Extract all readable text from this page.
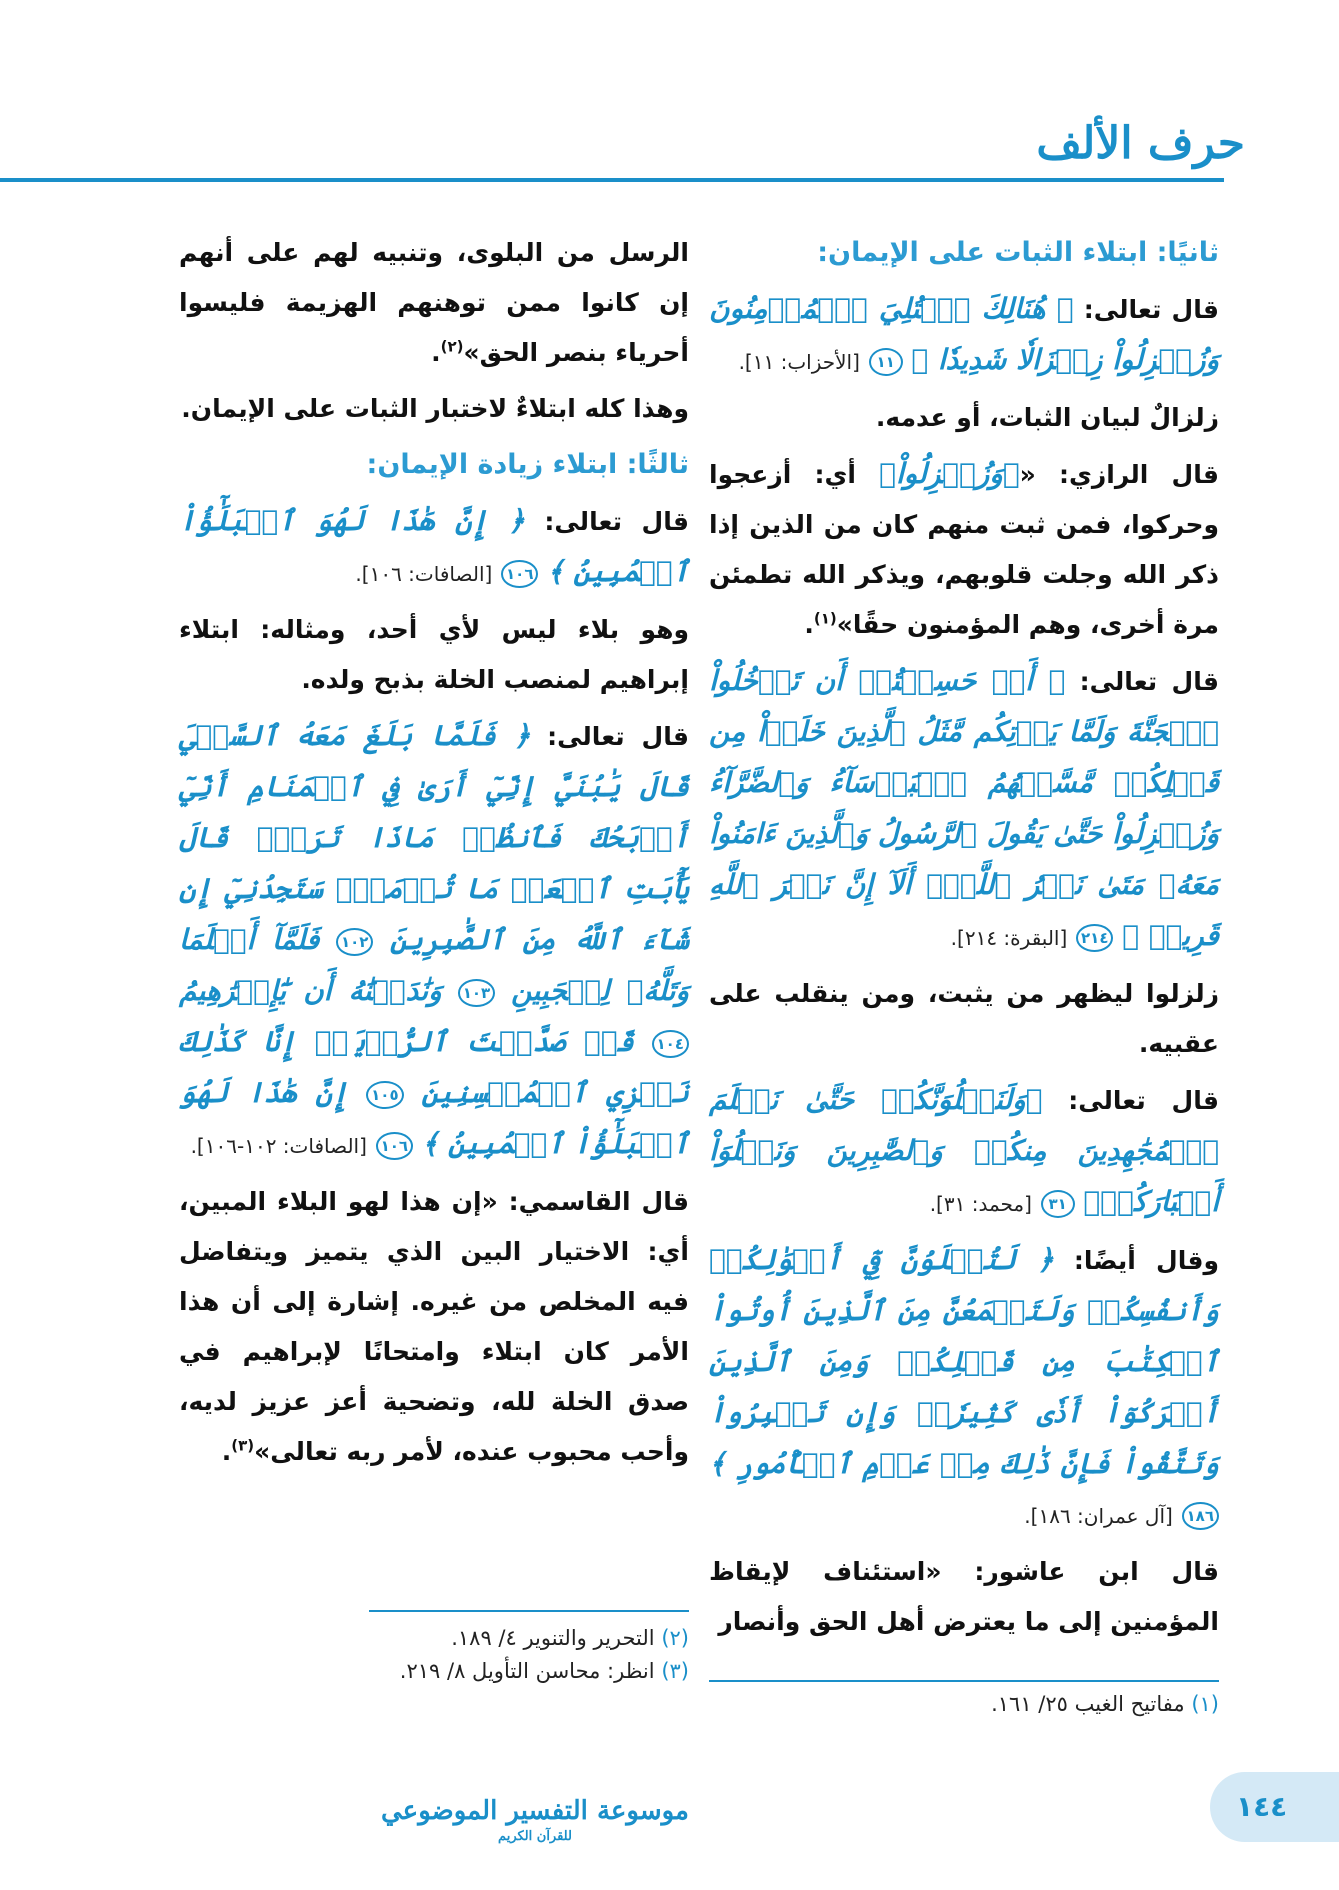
حرف الألف

ثانيًا: ابتلاء الثبات على الإيمان:

قال تعالى: ﴿ هُنَالِكَ ٱبۡتُلِيَ ٱلۡمُؤۡمِنُونَ وَزُلۡزِلُواْ زِلۡزَالٗا شَدِيدٗا ﴾ ١١ [الأحزاب: ١١].

زلزالٌ لبيان الثبات، أو عدمه.

قال الرازي: «﴿وَزُلۡزِلُواْ﴾ أي: أزعجوا وحركوا، فمن ثبت منهم كان من الذين إذا ذكر الله وجلت قلوبهم، ويذكر الله تطمئن مرة أخرى، وهم المؤمنون حقًا»$^{(١)}$.

قال تعالى: ﴿ أَمۡ حَسِبۡتُمۡ أَن تَدۡخُلُواْ ٱلۡجَنَّةَ وَلَمَّا يَأۡتِكُم مَّثَلُ ٱلَّذِينَ خَلَوۡاْ مِن قَبۡلِكُمۖ مَّسَّتۡهُمُ ٱلۡبَأۡسَآءُ وَٱلضَّرَّآءُ وَزُلۡزِلُواْ حَتَّىٰ يَقُولَ ٱلرَّسُولُ وَٱلَّذِينَ ءَامَنُواْ مَعَهُۥ مَتَىٰ نَصۡرُ ٱللَّهِۗ أَلَآ إِنَّ نَصۡرَ ٱللَّهِ قَرِيبٞ ﴾ ٢١٤ [البقرة: ٢١٤].

زلزلوا ليظهر من يثبت، ومن ينقلب على عقبيه.

قال تعالى: ﴿وَلَنَبۡلُوَنَّكُمۡ حَتَّىٰ نَعۡلَمَ ٱلۡمُجَٰهِدِينَ مِنكُمۡ وَٱلصَّٰبِرِينَ وَنَبۡلُوَاْ أَخۡبَارَكُمۡ﴾ ٣١ [محمد: ٣١].

وقال أيضًا: ﴿ لَتُبۡلَوُنَّ فِيٓ أَمۡوَٰلِكُمۡ وَأَنفُسِكُمۡ وَلَتَسۡمَعُنَّ مِنَ ٱلَّذِينَ أُوتُواْ ٱلۡكِتَٰبَ مِن قَبۡلِكُمۡ وَمِنَ ٱلَّذِينَ أَشۡرَكُوٓاْ أَذٗى كَثِيرٗاۚ وَإِن تَصۡبِرُواْ وَتَتَّقُواْ فَإِنَّ ذَٰلِكَ مِنۡ عَزۡمِ ٱلۡأُمُورِ ﴾ ١٨٦ [آل عمران: ١٨٦].

قال ابن عاشور: «استئناف لإيقاظ المؤمنين إلى ما يعترض أهل الحق وأنصار

الرسل من البلوى، وتنبيه لهم على أنهم إن كانوا ممن توهنهم الهزيمة فليسوا أحرياء بنصر الحق»$^{(٢)}$.

وهذا كله ابتلاءٌ لاختبار الثبات على الإيمان.

ثالثًا: ابتلاء زيادة الإيمان:

قال تعالى: ﴿ إِنَّ هَٰذَا لَهُوَ ٱلۡبَلَٰٓؤُاْ ٱلۡمُبِينُ ﴾ ١٠٦ [الصافات: ١٠٦].

وهو بلاء ليس لأي أحد، ومثاله: ابتلاء إبراهيم لمنصب الخلة بذبح ولده.

قال تعالى: ﴿ فَلَمَّا بَلَغَ مَعَهُ ٱلسَّعۡيَ قَالَ يَٰبُنَيَّ إِنِّيٓ أَرَىٰ فِي ٱلۡمَنَامِ أَنِّيٓ أَذۡبَحُكَ فَٱنظُرۡ مَاذَا تَرَىٰۚ قَالَ يَٰٓأَبَتِ ٱفۡعَلۡ مَا تُؤۡمَرُۖ سَتَجِدُنِيٓ إِن شَآءَ ٱللَّهُ مِنَ ٱلصَّٰبِرِينَ ١٠٢ فَلَمَّآ أَسۡلَمَا وَتَلَّهُۥ لِلۡجَبِينِ ١٠٣ وَنَٰدَيۡنَٰهُ أَن يَٰٓإِبۡرَٰهِيمُ ١٠٤ قَدۡ صَدَّقۡتَ ٱلرُّءۡيَآۚ إِنَّا كَذَٰلِكَ نَجۡزِي ٱلۡمُحۡسِنِينَ ١٠٥ إِنَّ هَٰذَا لَهُوَ ٱلۡبَلَٰٓؤُاْ ٱلۡمُبِينُ ﴾ ١٠٦ [الصافات: ١٠٢-١٠٦].

قال القاسمي: «إن هذا لهو البلاء المبين، أي: الاختيار البين الذي يتميز ويتفاضل فيه المخلص من غيره. إشارة إلى أن هذا الأمر كان ابتلاء وامتحانًا لإبراهيم في صدق الخلة لله، وتضحية أعز عزيز لديه، وأحب محبوب عنده، لأمر ربه تعالى»$^{(٣)}$.

(٢) التحرير والتنوير ٤/ ١٨٩.
(٣) انظر: محاسن التأويل ٨/ ٢١٩.
(١) مفاتيح الغيب ٢٥/ ١٦١.
موسوعة التفسير الموضوعي
للقرآن الكريم
١٤٤
